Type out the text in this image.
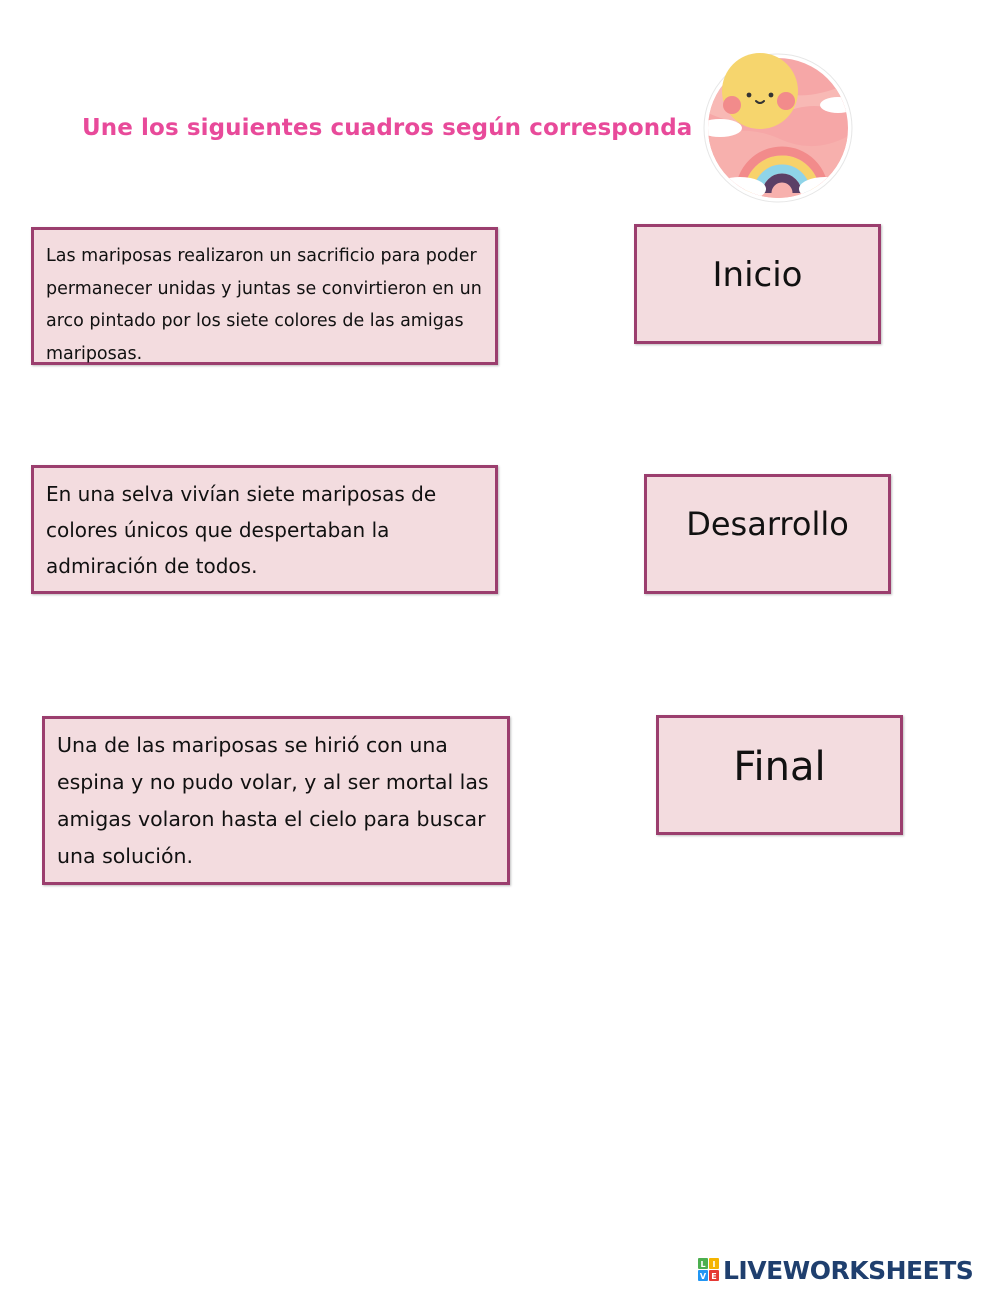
Une los siguientes cuadros según corresponda
Las mariposas realizaron un sacrificio para poder permanecer unidas y juntas se convirtieron en un arco pintado por los siete colores de las amigas mariposas.
En una selva vivían siete mariposas de colores únicos que despertaban la admiración de todos.
Una de las mariposas se hirió con una espina y no pudo volar, y al ser mortal las amigas volaron hasta el cielo para buscar una solución.
Inicio
Desarrollo
Final
L I
V E LIVEWORKSHEETS
